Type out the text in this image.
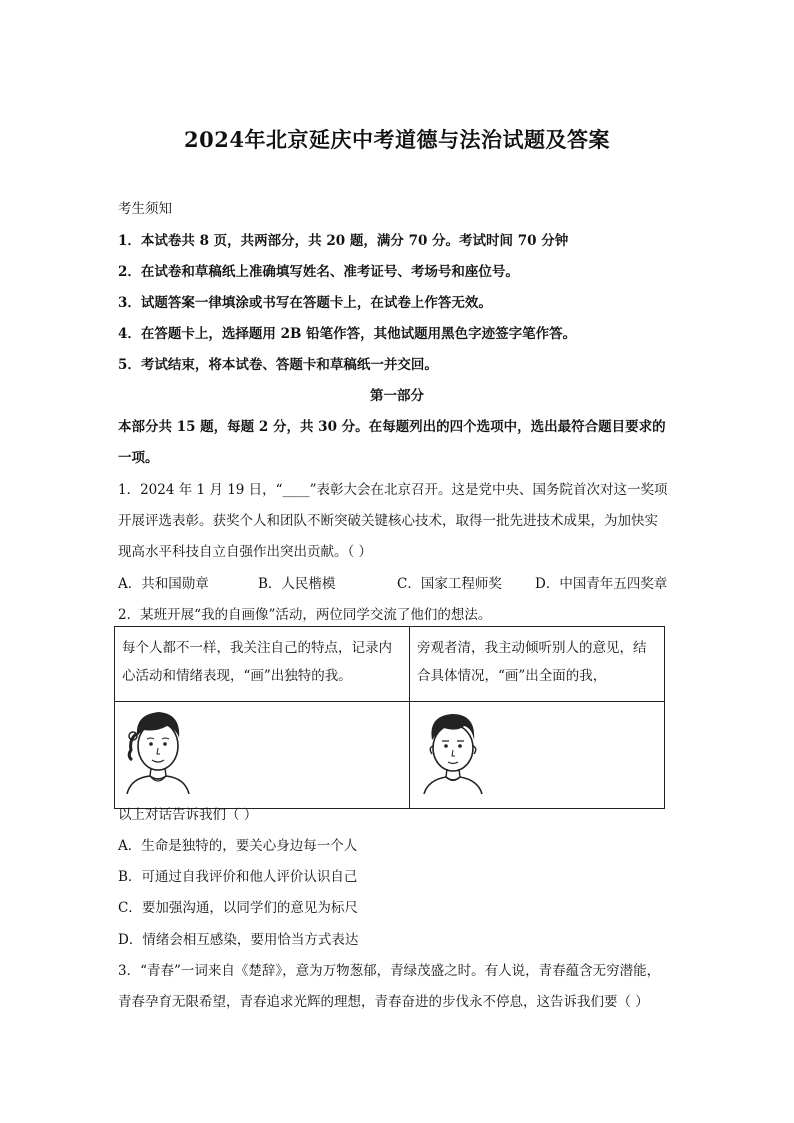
2024年北京延庆中考道德与法治试题及答案
考生须知
1．本试卷共 8 页，共两部分，共 20 题，满分 70 分。考试时间 70 分钟
2．在试卷和草稿纸上准确填写姓名、准考证号、考场号和座位号。
3．试题答案一律填涂或书写在答题卡上，在试卷上作答无效。
4．在答题卡上，选择题用 2B 铅笔作答，其他试题用黑色字迹签字笔作答。
5．考试结束，将本试卷、答题卡和草稿纸一并交回。
第一部分
本部分共 15 题，每题 2 分，共 30 分。在每题列出的四个选项中，选出最符合题目要求的
一项。
1．2024 年 1 月 19 日，“____”表彰大会在北京召开。这是党中央、国务院首次对这一奖项
开展评选表彰。获奖个人和团队不断突破关键核心技术，取得一批先进技术成果，为加快实
现高水平科技自立自强作出突出贡献。（ ）
A．共和国勋章	B．人民楷模	C．国家工程师奖 D．中国青年五四奖章
2．某班开展“我的自画像”活动，两位同学交流了他们的想法。
每个人都不一样，我关注自己的特点，记录内心活动和情绪表现，“画”出独特的我。	旁观者清，我主动倾听别人的意见，结合具体情况，“画”出全面的我，

以上对话告诉我们（ ）
A．生命是独特的，要关心身边每一个人
B．可通过自我评价和他人评价认识自己
C．要加强沟通，以同学们的意见为标尺
D．情绪会相互感染，要用恰当方式表达
3．“青春”一词来自《楚辞》，意为万物葱郁，青绿茂盛之时。有人说，青春蕴含无穷潜能，
青春孕育无限希望，青春追求光辉的理想，青春奋进的步伐永不停息，这告诉我们要（ ）
